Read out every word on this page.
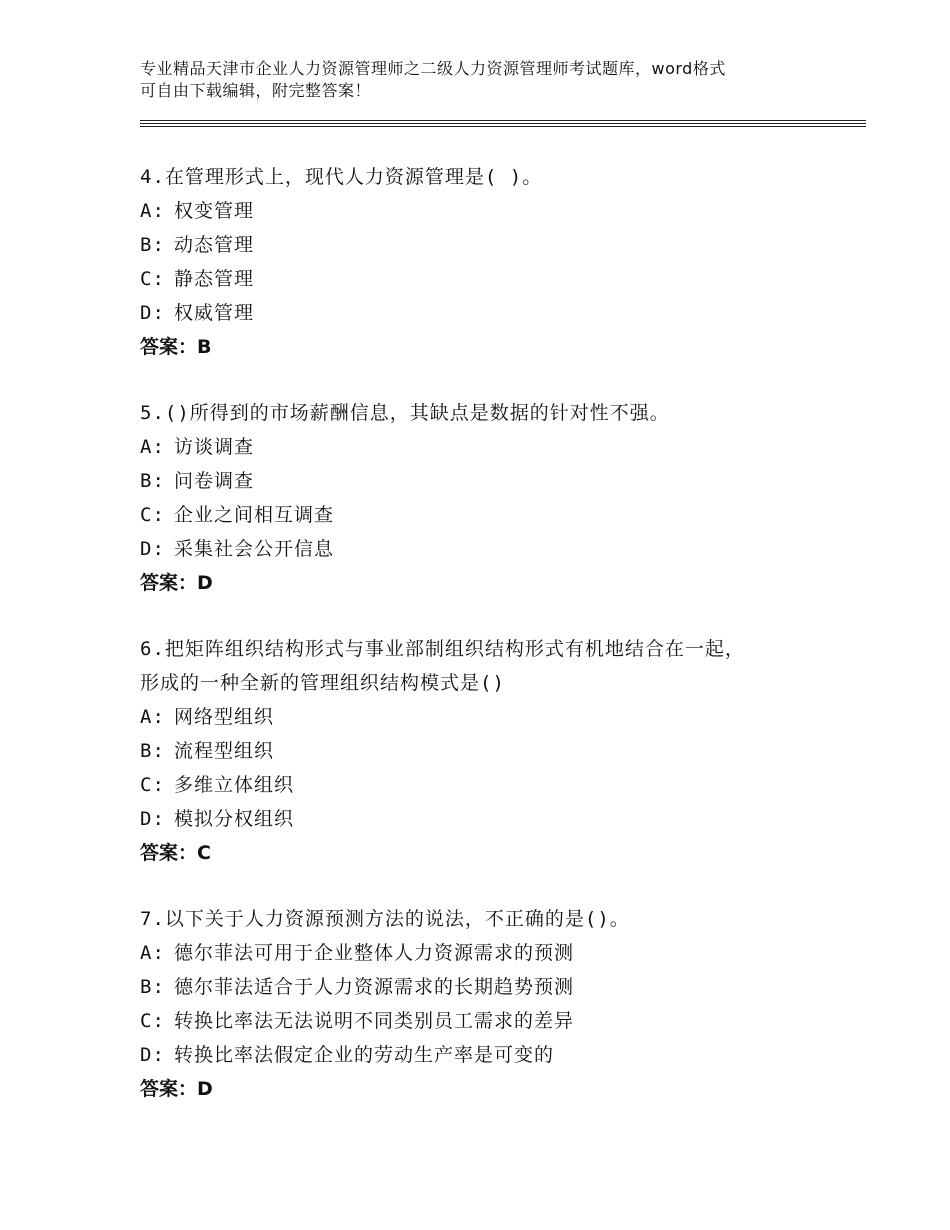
专业精品天津市企业人力资源管理师之二级人力资源管理师考试题库，word格式
可自由下载编辑，附完整答案！
4.在管理形式上，现代人力资源管理是( )。
A: 权变管理
B: 动态管理
C: 静态管理
D: 权威管理
答案：B
5.()所得到的市场薪酬信息，其缺点是数据的针对性不强。
A: 访谈调查
B: 问卷调查
C: 企业之间相互调查
D: 采集社会公开信息
答案：D
6.把矩阵组织结构形式与事业部制组织结构形式有机地结合在一起，
形成的一种全新的管理组织结构模式是()
A: 网络型组织
B: 流程型组织
C: 多维立体组织
D: 模拟分权组织
答案：C
7.以下关于人力资源预测方法的说法，不正确的是()。
A: 德尔菲法可用于企业整体人力资源需求的预测
B: 德尔菲法适合于人力资源需求的长期趋势预测
C: 转换比率法无法说明不同类别员工需求的差异
D: 转换比率法假定企业的劳动生产率是可变的
答案：D
